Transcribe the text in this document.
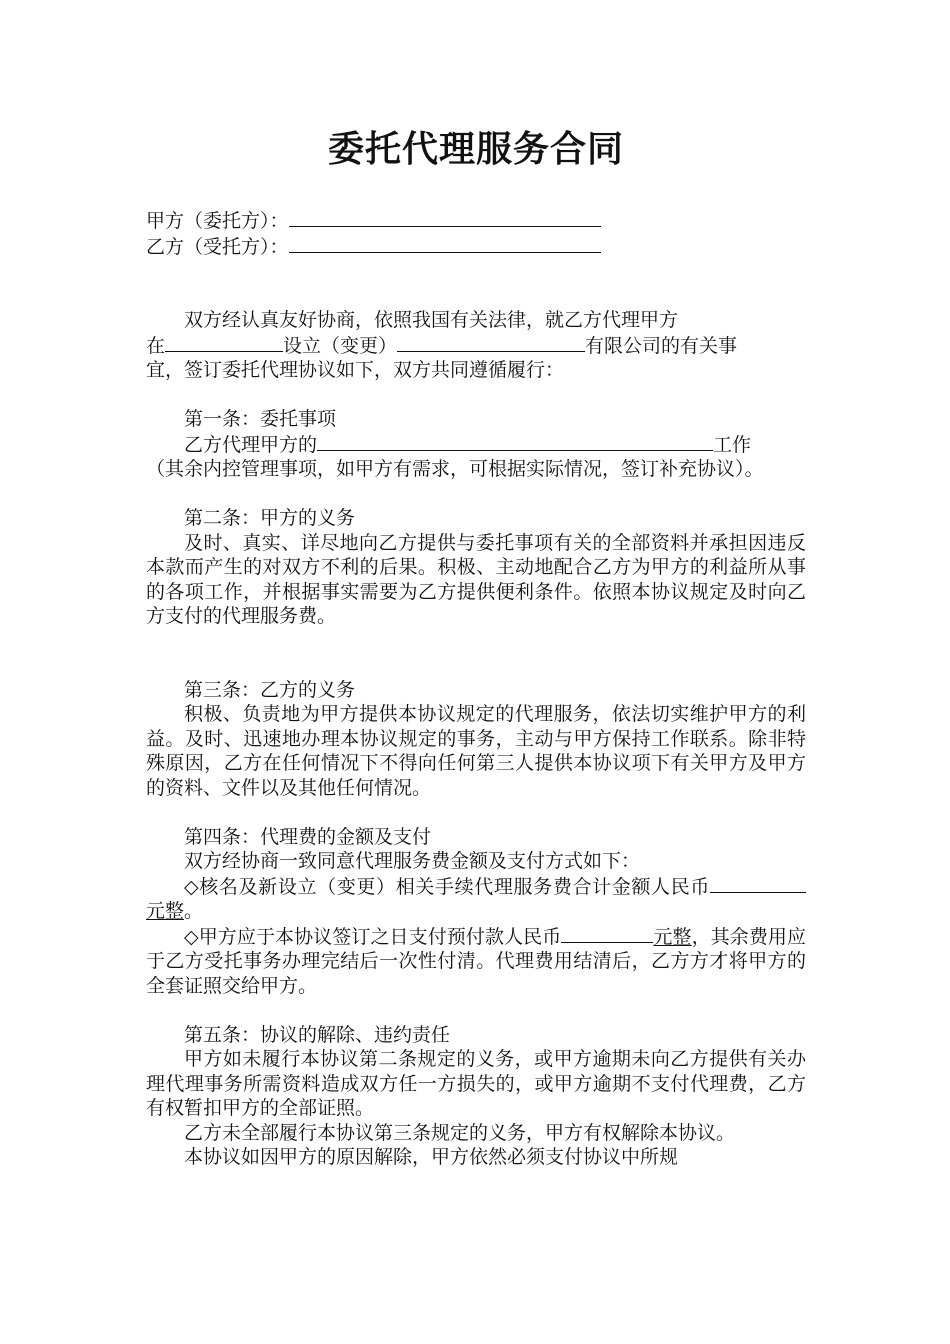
委托代理服务合同

甲方（委托方）：

乙方（受托方）：

双方经认真友好协商，依照我国有关法律，就乙方代理甲方

在	设立（变更）	有限公司的有关事

宜，签订委托代理协议如下，双方共同遵循履行：

第一条：委托事项

乙方代理甲方的	工作

（其余内控管理事项，如甲方有需求，可根据实际情况，签订补充协议）。

第二条：甲方的义务

及时、真实、详尽地向乙方提供与委托事项有关的全部资料并承担因违反本款而产生的对双方不利的后果。积极、主动地配合乙方为甲方的利益所从事的各项工作，并根据事实需要为乙方提供便利条件。依照本协议规定及时向乙方支付的代理服务费。

第三条：乙方的义务

积极、负责地为甲方提供本协议规定的代理服务，依法切实维护甲方的利益。及时、迅速地办理本协议规定的事务，主动与甲方保持工作联系。除非特殊原因，乙方在任何情况下不得向任何第三人提供本协议项下有关甲方及甲方的资料、文件以及其他任何情况。

第四条：代理费的金额及支付

双方经协商一致同意代理服务费金额及支付方式如下：

◇核名及新设立（变更）相关手续代理服务费合计金额人民币元整。

◇甲方应于本协议签订之日支付预付款人民币	元整，其余费用应于乙方受托事务办理完结后一次性付清。代理费用结清后，乙方方才将甲方的全套证照交给甲方。

第五条：协议的解除、违约责任

甲方如未履行本协议第二条规定的义务，或甲方逾期未向乙方提供有关办理代理事务所需资料造成双方任一方损失的，或甲方逾期不支付代理费，乙方有权暂扣甲方的全部证照。

乙方未全部履行本协议第三条规定的义务，甲方有权解除本协议。

本协议如因甲方的原因解除，甲方依然必须支付协议中所规
